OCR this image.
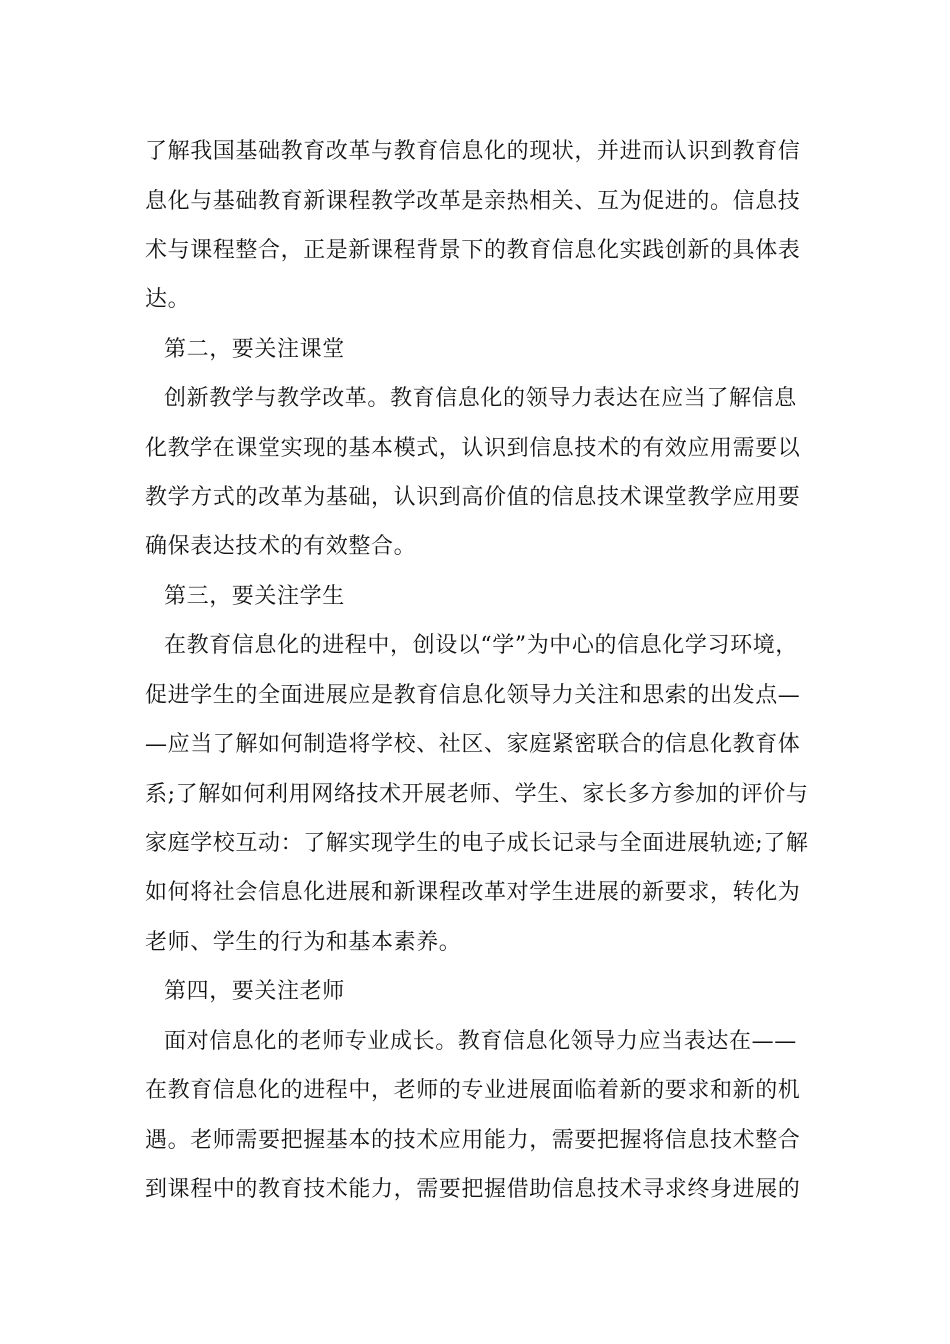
了解我国基础教育改革与教育信息化的现状，并进而认识到教育信
息化与基础教育新课程教学改革是亲热相关、互为促进的。信息技
术与课程整合，正是新课程背景下的教育信息化实践创新的具体表
达。
第二，要关注课堂
创新教学与教学改革。教育信息化的领导力表达在应当了解信息
化教学在课堂实现的基本模式，认识到信息技术的有效应用需要以
教学方式的改革为基础，认识到高价值的信息技术课堂教学应用要
确保表达技术的有效整合。
第三，要关注学生
在教育信息化的进程中，创设以“学”为中心的信息化学习环境，
促进学生的全面进展应是教育信息化领导力关注和思索的出发点—
—应当了解如何制造将学校、社区、家庭紧密联合的信息化教育体
系;了解如何利用网络技术开展老师、学生、家长多方参加的评价与
家庭学校互动：了解实现学生的电子成长记录与全面进展轨迹;了解
如何将社会信息化进展和新课程改革对学生进展的新要求，转化为
老师、学生的行为和基本素养。
第四，要关注老师
面对信息化的老师专业成长。教育信息化领导力应当表达在——
在教育信息化的进程中，老师的专业进展面临着新的要求和新的机
遇。老师需要把握基本的技术应用能力，需要把握将信息技术整合
到课程中的教育技术能力，需要把握借助信息技术寻求终身进展的
